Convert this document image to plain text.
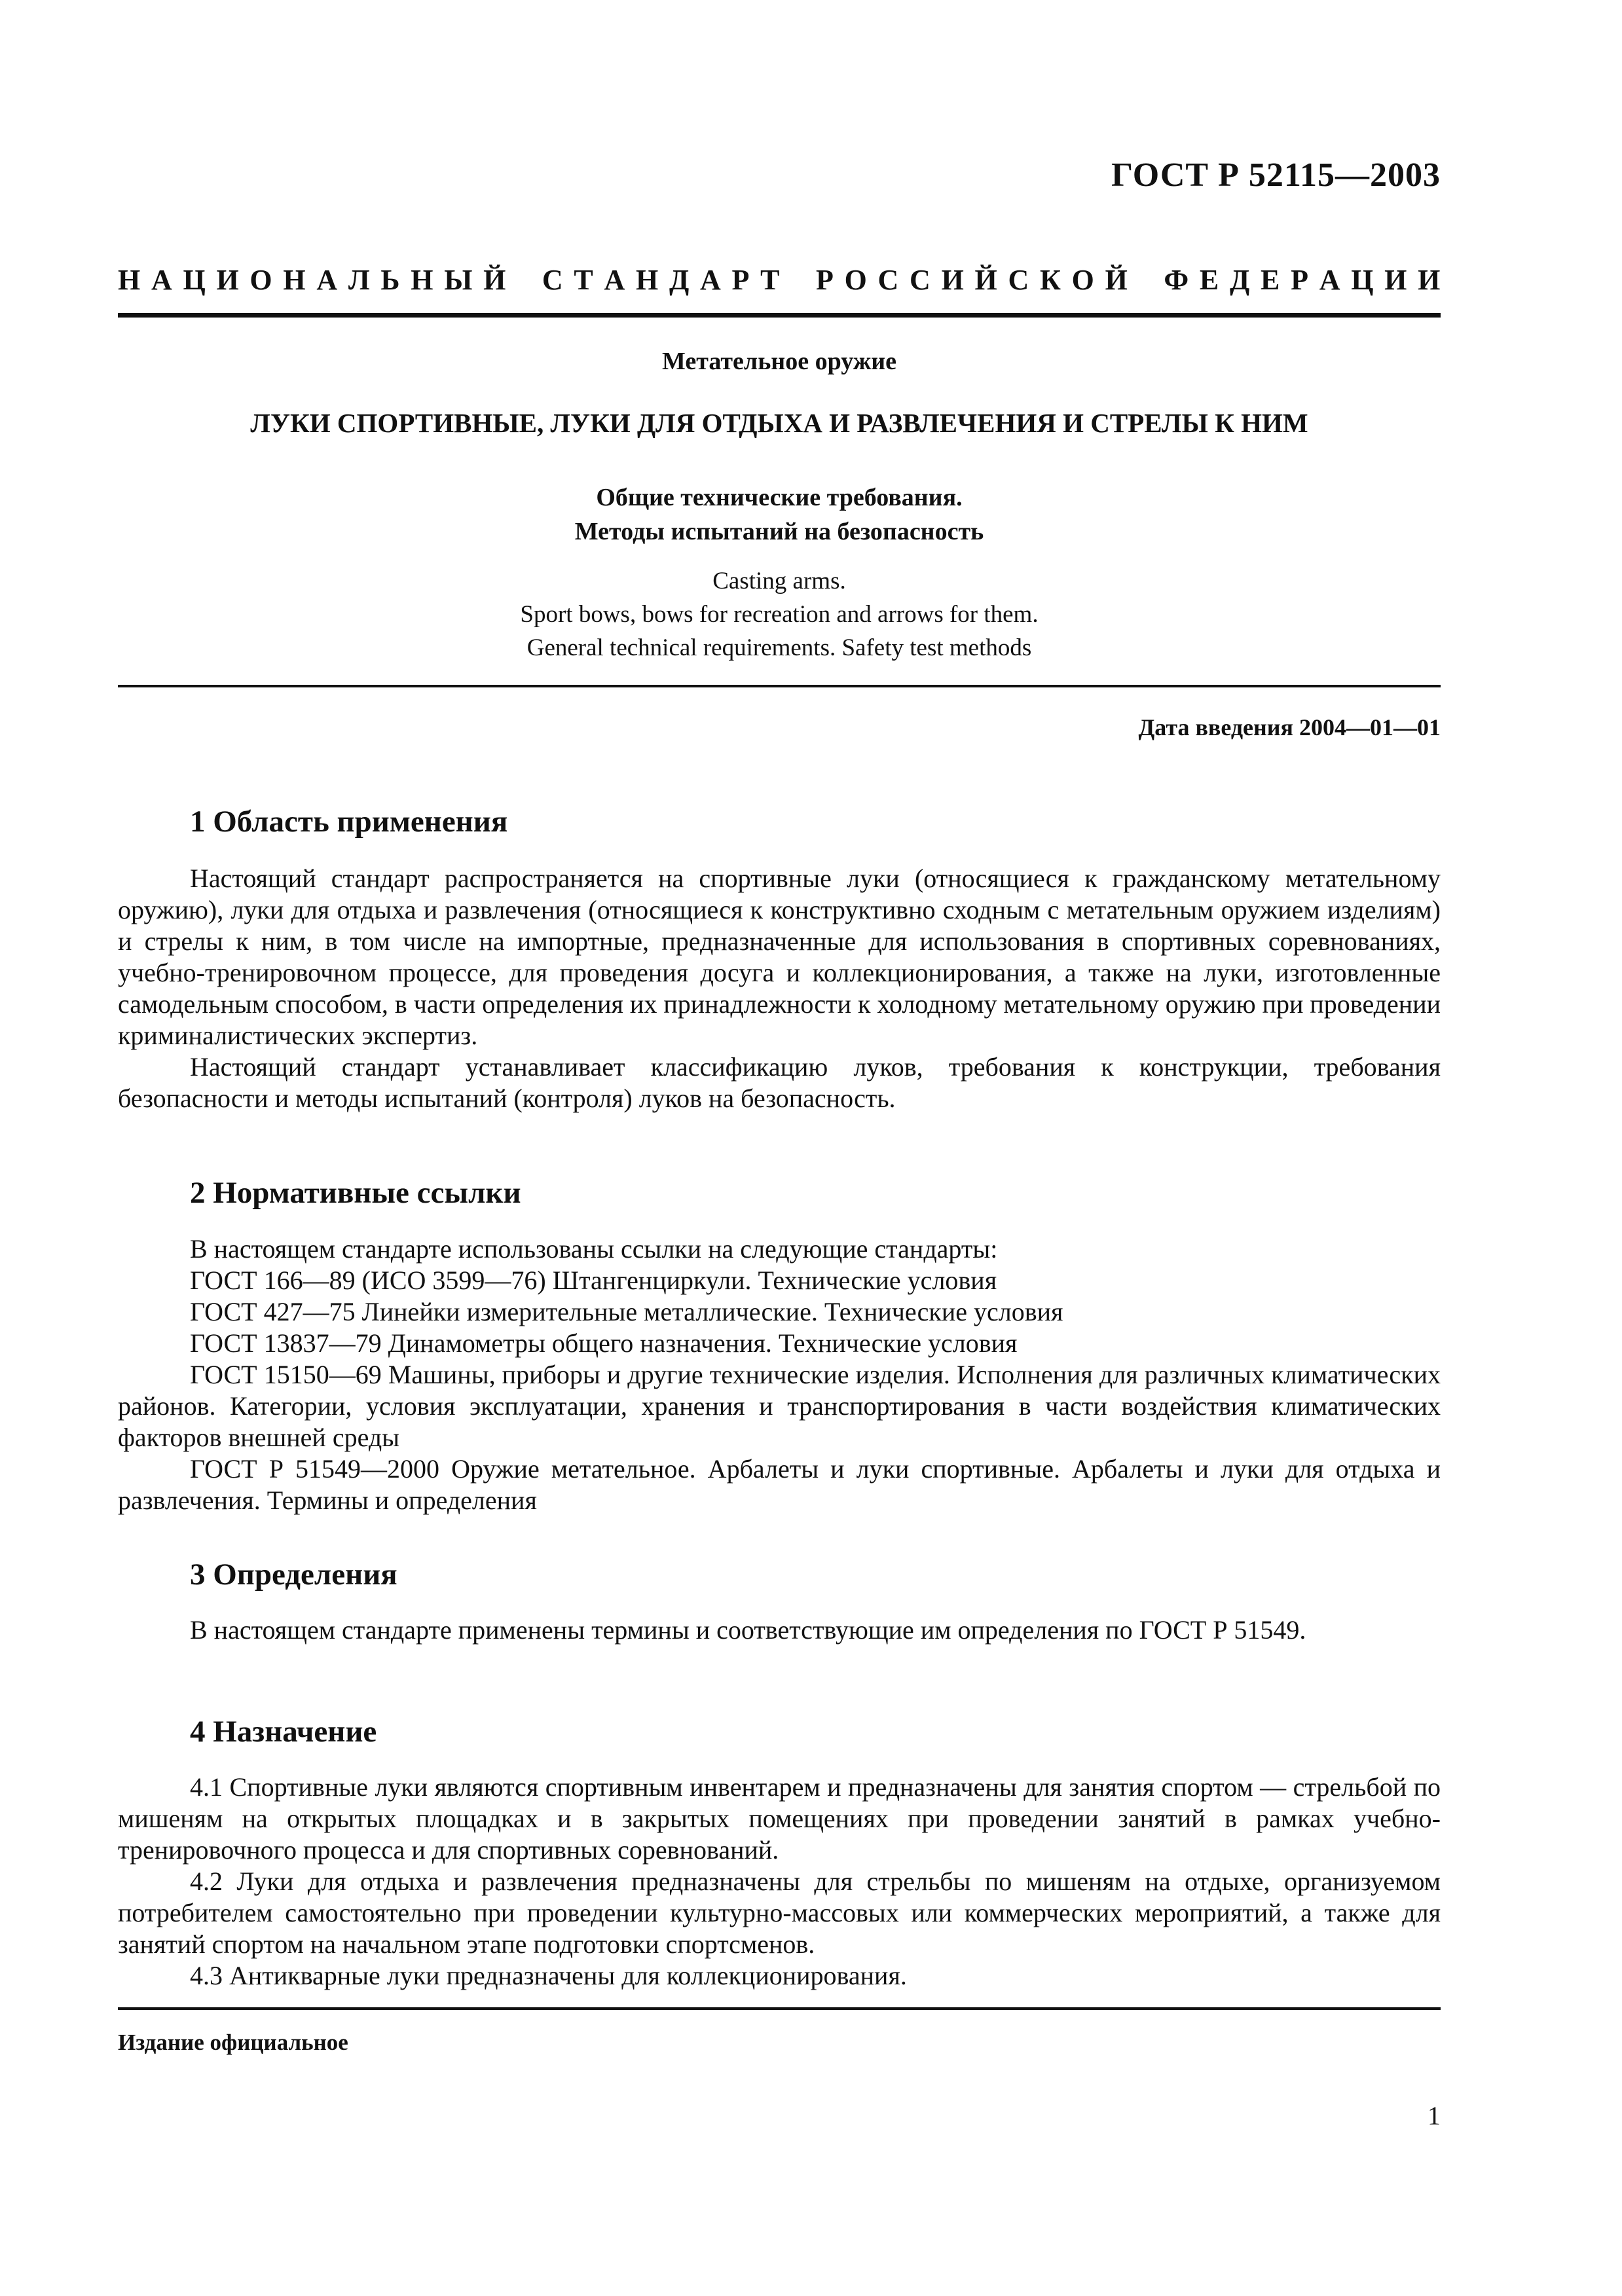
ГОСТ Р 52115—2003
Н А Ц И О Н А Л Ь Н Ы Й
С Т А Н Д А Р Т
Р О С С И Й С К О Й
Ф Е Д Е Р А Ц И И
Метательное оружие
ЛУКИ СПОРТИВНЫЕ, ЛУКИ ДЛЯ ОТДЫХА И РАЗВЛЕЧЕНИЯ И СТРЕЛЫ К НИМ
Общие технические требования.
Методы испытаний на безопасность
Casting arms.
Sport bows, bows for recreation and arrows for them.
General technical requirements. Safety test methods
Дата введения 2004—01—01
1 Область применения

Настоящий стандарт распространяется на спортивные луки (относящиеся к гражданскому метательному оружию), луки для отдыха и развлечения (относящиеся к конструктивно сходным с метательным оружием изделиям) и стрелы к ним, в том числе на импортные, предназначенные для использования в спортивных соревнованиях, учебно-тренировочном процессе, для проведения досуга и коллекционирования, а также на луки, изготовленные самодельным способом, в части определения их принадлежности к холодному метательному оружию при проведении криминалистических экспертиз.

Настоящий стандарт устанавливает классификацию луков, требования к конструкции, требования безопасности и методы испытаний (контроля) луков на безопасность.

2 Нормативные ссылки

В настоящем стандарте использованы ссылки на следующие стандарты:

ГОСТ 166—89 (ИСО 3599—76) Штангенциркули. Технические условия

ГОСТ 427—75 Линейки измерительные металлические. Технические условия

ГОСТ 13837—79 Динамометры общего назначения. Технические условия

ГОСТ 15150—69 Машины, приборы и другие технические изделия. Исполнения для различных климатических районов. Категории, условия эксплуатации, хранения и транспортирования в части воздействия климатических факторов внешней среды

ГОСТ Р 51549—2000 Оружие метательное. Арбалеты и луки спортивные. Арбалеты и луки для отдыха и развлечения. Термины и определения

3 Определения

В настоящем стандарте применены термины и соответствующие им определения по ГОСТ Р 51549.

4 Назначение

4.1 Спортивные луки являются спортивным инвентарем и предназначены для занятия спортом — стрельбой по мишеням на открытых площадках и в закрытых помещениях при проведении занятий в рамках учебно-тренировочного процесса и для спортивных соревнований.

4.2 Луки для отдыха и развлечения предназначены для стрельбы по мишеням на отдыхе, организуемом потребителем самостоятельно при проведении культурно-массовых или коммерческих мероприятий, а также для занятий спортом на начальном этапе подготовки спортсменов.

4.3 Антикварные луки предназначены для коллекционирования.

Издание официальное
1
